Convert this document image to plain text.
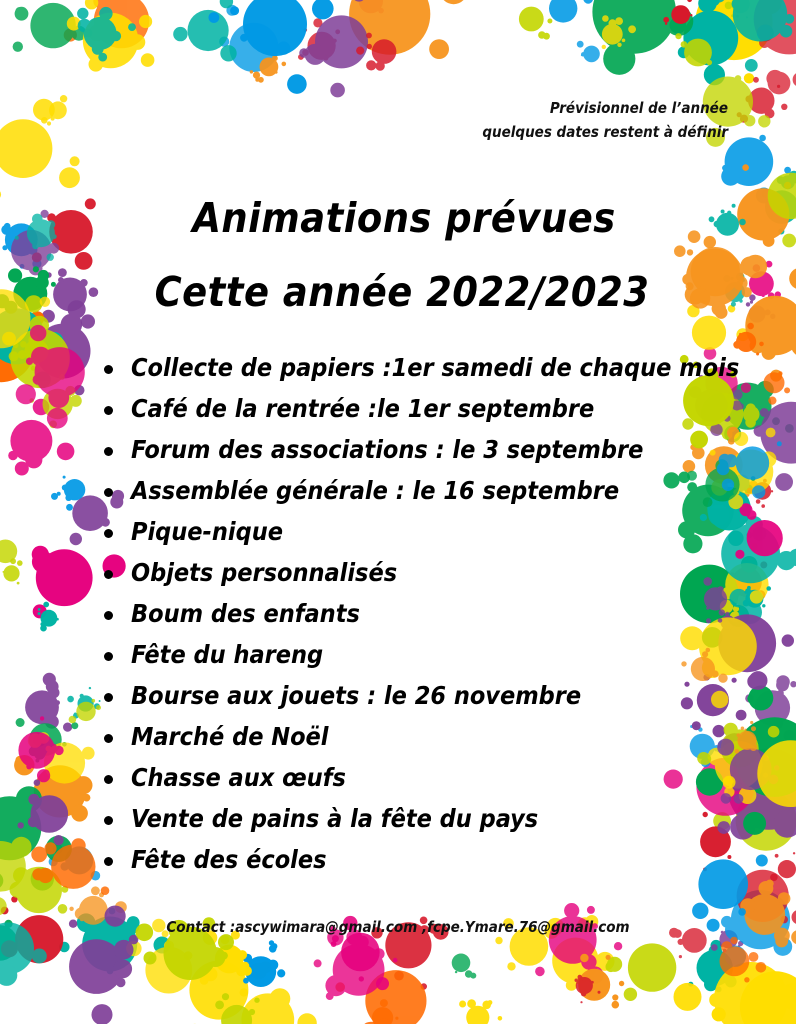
Prévisionnel de l’année
quelques dates restent à définir
Animations prévues
Cette année 2022/2023
Collecte de papiers :1er samedi de chaque mois
Café de la rentrée :le 1er septembre
Forum des associations : le 3 septembre
Assemblée générale : le 16 septembre
Pique-nique
Objets personnalisés
Boum des enfants
Fête du hareng
Bourse aux jouets : le 26 novembre
Marché de Noël
Chasse aux œufs
Vente de pains à la fête du pays
Fête des écoles
Contact :ascywimara@gmail.com ,fcpe.Ymare.76@gmail.com
